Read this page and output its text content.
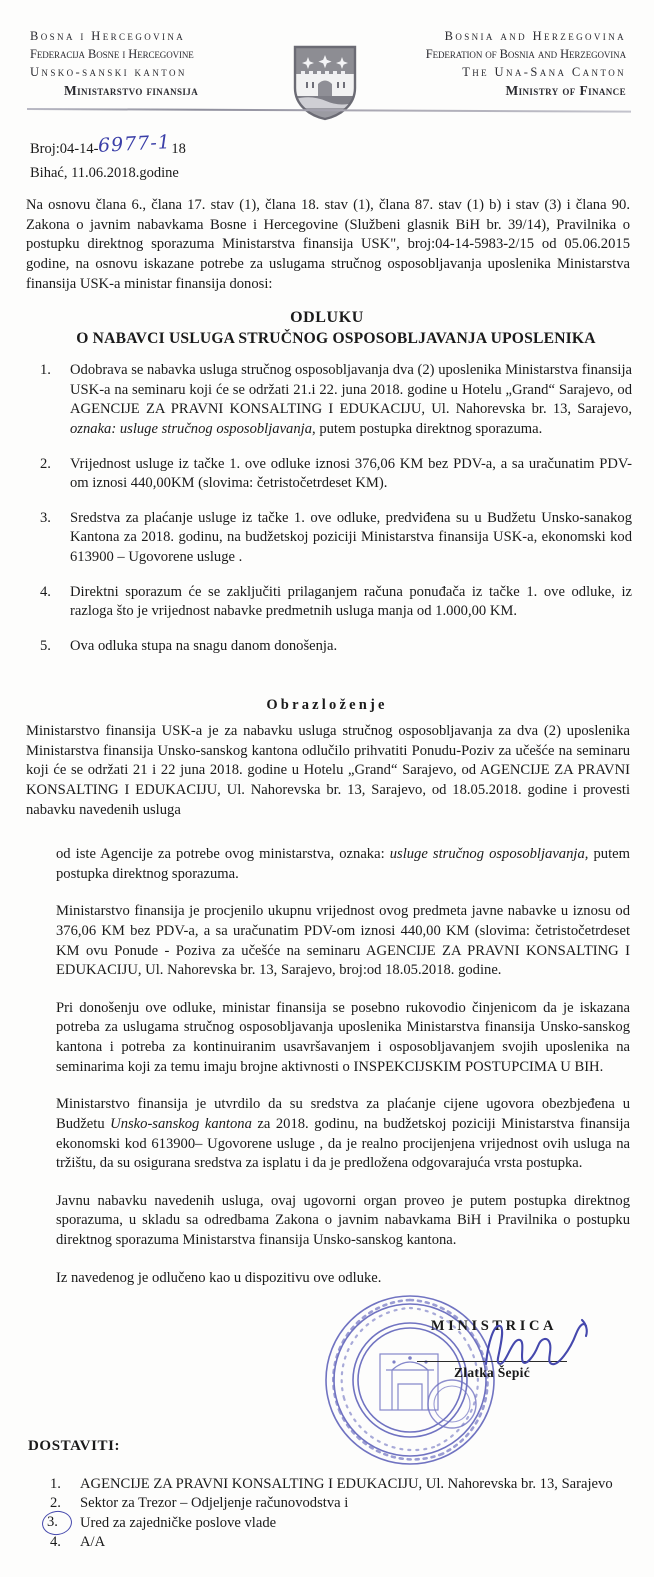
Bosna i Hercegovina
Federacija Bosne i Hercegovine
Unsko-sanski kanton
Ministarstvo finansija
Bosnia and Herzegovina
Federation of Bosnia and Herzegovina
The Una-Sana Canton
Ministry of Finance
Broj:04-14-6977-118
Bihać, 11.06.2018.godine
Na osnovu člana 6., člana 17. stav (1), člana 18. stav (1), člana 87. stav (1) b) i stav (3) i člana 90. Zakona o javnim nabavkama Bosne i Hercegovine (Službeni glasnik BiH br. 39/14), Pravilnika o postupku direktnog sporazuma Ministarstva finansija USK", broj:04-14-5983-2/15 od 05.06.2015 godine, na osnovu iskazane potrebe za uslugama stručnog osposobljavanja uposlenika Ministarstva finansija USK-a ministar finansija donosi:
ODLUKU
O NABAVCI USLUGA STRUČNOG OSPOSOBLJAVANJA UPOSLENIKA
1. Odobrava se nabavka usluga stručnog osposobljavanja dva (2) uposlenika Ministarstva finansija USK-a na seminaru koji će se održati 21.i 22. juna 2018. godine u Hotelu „Grand“ Sarajevo, od AGENCIJE ZA PRAVNI KONSALTING I EDUKACIJU, Ul. Nahorevska br. 13, Sarajevo, oznaka: usluge stručnog osposobljavanja, putem postupka direktnog sporazuma.
2. Vrijednost usluge iz tačke 1. ove odluke iznosi 376,06 KM bez PDV-a, a sa uračunatim PDV-om iznosi 440,00KM (slovima: četristočetrdeset KM).
3. Sredstva za plaćanje usluge iz tačke 1. ove odluke, predviđena su u Budžetu Unsko-sanakog Kantona za 2018. godinu, na budžetskoj poziciji Ministarstva finansija USK-a, ekonomski kod 613900 – Ugovorene usluge .
4. Direktni sporazum će se zaključiti prilaganjem računa ponuđača iz tačke 1. ove odluke, iz razloga što je vrijednost nabavke predmetnih usluga manja od 1.000,00 KM.
5. Ova odluka stupa na snagu danom donošenja.
Obrazloženje
Ministarstvo finansija USK-a je za nabavku usluga stručnog osposobljavanja za dva (2) uposlenika Ministarstva finansija Unsko-sanskog kantona odlučilo prihvatiti Ponudu-Poziv za učešće na seminaru koji će se održati 21 i 22 juna 2018. godine u Hotelu „Grand“ Sarajevo, od AGENCIJE ZA PRAVNI KONSALTING I EDUKACIJU, Ul. Nahorevska br. 13, Sarajevo, od 18.05.2018. godine i provesti nabavku navedenih usluga
od iste Agencije za potrebe ovog ministarstva, oznaka: usluge stručnog osposobljavanja, putem postupka direktnog sporazuma.
Ministarstvo finansija je procjenilo ukupnu vrijednost ovog predmeta javne nabavke u iznosu od 376,06 KM bez PDV-a, a sa uračunatim PDV-om iznosi 440,00 KM (slovima: četristočetrdeset KM ovu Ponude - Poziva za učešće na seminaru AGENCIJE ZA PRAVNI KONSALTING I EDUKACIJU, Ul. Nahorevska br. 13, Sarajevo, broj:od 18.05.2018. godine.
Pri donošenju ove odluke, ministar finansija se posebno rukovodio činjenicom da je iskazana potreba za uslugama stručnog osposobljavanja uposlenika Ministarstva finansija Unsko-sanskog kantona i potreba za kontinuiranim usavršavanjem i osposobljavanjem svojih uposlenika na seminarima koji za temu imaju brojne aktivnosti o INSPEKCIJSKIM POSTUPCIMA U BIH.
Ministarstvo finansija je utvrdilo da su sredstva za plaćanje cijene ugovora obezbjeđena u Budžetu Unsko-sanskog kantona za 2018. godinu, na budžetskoj poziciji Ministarstva finansija ekonomski kod 613900– Ugovorene usluge , da je realno procijenjena vrijednost ovih usluga na tržištu, da su osigurana sredstva za isplatu i da je predložena odgovarajuća vrsta postupka.
Javnu nabavku navedenih usluga, ovaj ugovorni organ proveo je putem postupka direktnog sporazuma, u skladu sa odredbama Zakona o javnim nabavkama BiH i Pravilnika o postupku direktnog sporazuma Ministarstva finansija Unsko-sanskog kantona.
Iz navedenog je odlučeno kao u dispozitivu ove odluke.
MINISTRICA
Zlatka Šepić
DOSTAVITI:
1. AGENCIJE ZA PRAVNI KONSALTING I EDUKACIJU, Ul. Nahorevska br. 13, Sarajevo
2. Sektor za Trezor – Odjeljenje računovodstva i
3. Ured za zajedničke poslove vlade
4. A/A
